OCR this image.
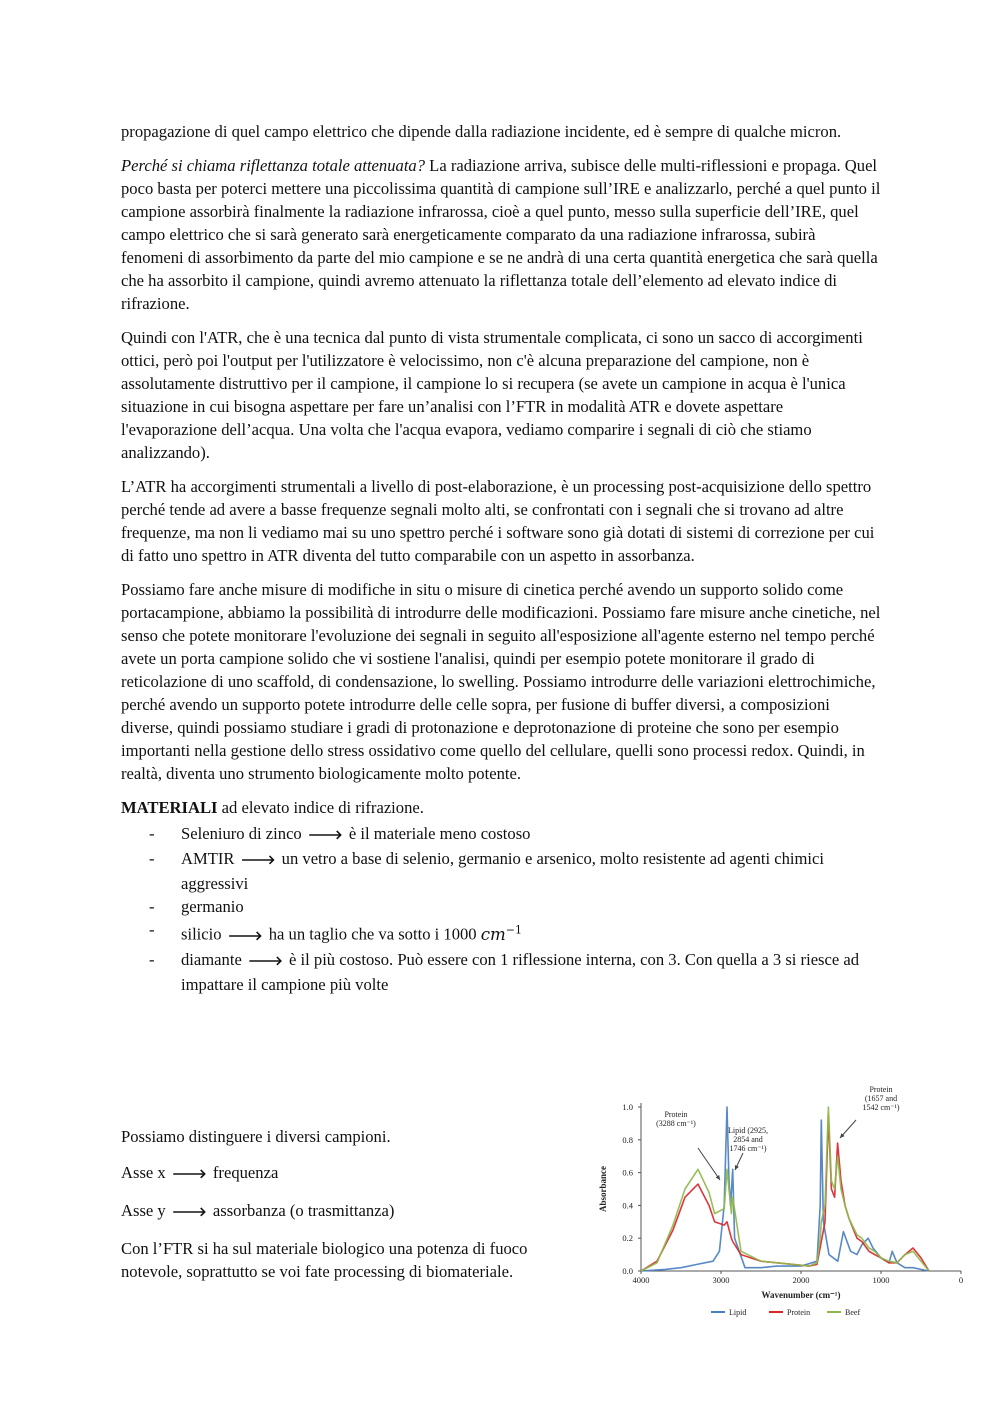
propagazione di quel campo elettrico che dipende dalla radiazione incidente, ed è sempre di qualche micron.

Perché si chiama riflettanza totale attenuata? La radiazione arriva, subisce delle multi-riflessioni e propaga. Quel poco basta per poterci mettere una piccolissima quantità di campione sull’IRE e analizzarlo, perché a quel punto il campione assorbirà finalmente la radiazione infrarossa, cioè a quel punto, messo sulla superficie dell’IRE, quel campo elettrico che si sarà generato sarà energeticamente comparato da una radiazione infrarossa, subirà fenomeni di assorbimento da parte del mio campione e se ne andrà di una certa quantità energetica che sarà quella che ha assorbito il campione, quindi avremo attenuato la riflettanza totale dell’elemento ad elevato indice di rifrazione.

Quindi con l'ATR, che è una tecnica dal punto di vista strumentale complicata, ci sono un sacco di accorgimenti ottici, però poi l'output per l'utilizzatore è velocissimo, non c'è alcuna preparazione del campione, non è assolutamente distruttivo per il campione, il campione lo si recupera (se avete un campione in acqua è l'unica situazione in cui bisogna aspettare per fare un’analisi con l’FTR in modalità ATR e dovete aspettare l'evaporazione dell’acqua. Una volta che l'acqua evapora, vediamo comparire i segnali di ciò che stiamo analizzando).

L’ATR ha accorgimenti strumentali a livello di post-elaborazione, è un processing post-acquisizione dello spettro perché tende ad avere a basse frequenze segnali molto alti, se confrontati con i segnali che si trovano ad altre frequenze, ma non li vediamo mai su uno spettro perché i software sono già dotati di sistemi di correzione per cui di fatto uno spettro in ATR diventa del tutto comparabile con un aspetto in assorbanza.

Possiamo fare anche misure di modifiche in situ o misure di cinetica perché avendo un supporto solido come portacampione, abbiamo la possibilità di introdurre delle modificazioni. Possiamo fare misure anche cinetiche, nel senso che potete monitorare l'evoluzione dei segnali in seguito all'esposizione all'agente esterno nel tempo perché avete un porta campione solido che vi sostiene l'analisi, quindi per esempio potete monitorare il grado di reticolazione di uno scaffold, di condensazione, lo swelling. Possiamo introdurre delle variazioni elettrochimiche, perché avendo un supporto potete introdurre delle celle sopra, per fusione di buffer diversi, a composizioni diverse, quindi possiamo studiare i gradi di protonazione e deprotonazione di proteine che sono per esempio importanti nella gestione dello stress ossidativo come quello del cellulare, quelli sono processi redox. Quindi, in realtà, diventa uno strumento biologicamente molto potente.

MATERIALI ad elevato indice di rifrazione.

- Seleniuro di zinco 🡒 è il materiale meno costoso
- AMTIR 🡒 un vetro a base di selenio, germanio e arsenico, molto resistente ad agenti chimici aggressivi
- germanio
- silicio 🡒 ha un taglio che va sotto i 1000 $cm^{-1}$
- diamante 🡒 è il più costoso. Può essere con 1 riflessione interna, con 3. Con quella a 3 si riesce ad impattare il campione più volte

Possiamo distinguere i diversi campioni.

Asse x 🡒 frequenza

Asse y 🡒 assorbanza (o trasmittanza)

Con l’FTR si ha sul materiale biologico una potenza di fuoco notevole, soprattutto se voi fate processing di biomateriale.	0.0
0.2
0.4
0.6
0.8
1.0
4000	3000	2000	1000	0
Wavenumber (cm⁻¹)
Absorbance
Lipid	Protein	Beef
Protein
(3288 cm⁻¹)
Lipid (2925,
2854 and
1746 cm⁻¹)
Protein
(1657 and
1542 cm⁻¹)
